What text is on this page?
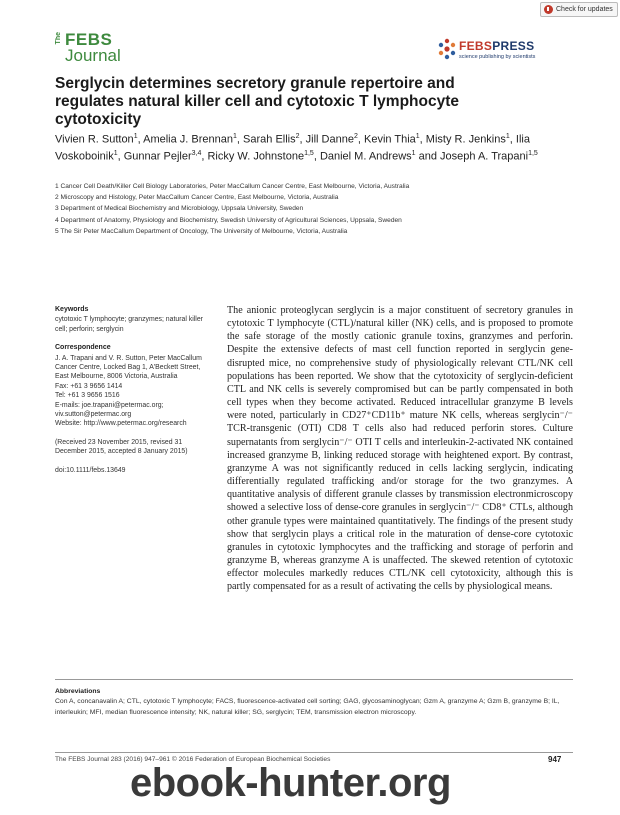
Check for updates
The FEBS
Journal	FEBSPRESS
science publishing by scientists
Serglycin determines secretory granule repertoire and regulates natural killer cell and cytotoxic T lymphocyte cytotoxicity
Vivien R. Sutton$^1$, Amelia J. Brennan$^1$, Sarah Ellis$^2$, Jill Danne$^2$, Kevin Thia$^1$, Misty R. Jenkins$^1$, Ilia Voskoboinik$^1$, Gunnar Pejler$^{3,4}$, Ricky W. Johnstone$^{1,5}$, Daniel M. Andrews$^1$ and Joseph A. Trapani$^{1,5}$
1 Cancer Cell Death/Killer Cell Biology Laboratories, Peter MacCallum Cancer Centre, East Melbourne, Victoria, Australia
2 Microscopy and Histology, Peter MacCallum Cancer Centre, East Melbourne, Victoria, Australia
3 Department of Medical Biochemistry and Microbiology, Uppsala University, Sweden
4 Department of Anatomy, Physiology and Biochemistry, Swedish University of Agricultural Sciences, Uppsala, Sweden
5 The Sir Peter MacCallum Department of Oncology, The University of Melbourne, Victoria, Australia
Keywords
cytotoxic T lymphocyte; granzymes; natural killer cell; perforin; serglycin
Correspondence
J. A. Trapani and V. R. Sutton, Peter MacCallum Cancer Centre, Locked Bag 1, A'Beckett Street, East Melbourne, 8006 Victoria, Australia
Fax: +61 3 9656 1414
Tel: +61 3 9656 1516
E-mails: joe.trapani@petermac.org; viv.sutton@petermac.org
Website: http://www.petermac.org/research
(Received 23 November 2015, revised 31 December 2015, accepted 8 January 2015)
doi:10.1111/febs.13649
The anionic proteoglycan serglycin is a major constituent of secretory granules in cytotoxic T lymphocyte (CTL)/natural killer (NK) cells, and is proposed to promote the safe storage of the mostly cationic granule toxins, granzymes and perforin. Despite the extensive defects of mast cell function reported in serglycin gene-disrupted mice, no comprehensive study of physiologically relevant CTL/NK cell populations has been reported. We show that the cytotoxicity of serglycin-deficient CTL and NK cells is severely compromised but can be partly compensated in both cell types when they become activated. Reduced intracellular granzyme B levels were noted, particularly in CD27⁺CD11b⁺ mature NK cells, whereas serglycin⁻/⁻ TCR-transgenic (OTI) CD8 T cells also had reduced perforin stores. Culture supernatants from serglycin⁻/⁻ OTI T cells and interleukin-2-activated NK contained increased granzyme B, linking reduced storage with heightened export. By contrast, granzyme A was not significantly reduced in cells lacking serglycin, indicating differentially regulated trafficking and/or storage for the two granzymes. A quantitative analysis of different granule classes by transmission electronmicroscopy showed a selective loss of dense-core granules in serglycin⁻/⁻ CD8⁺ CTLs, although other granule types were maintained quantitatively. The findings of the present study show that serglycin plays a critical role in the maturation of dense-core cytotoxic granules in cytotoxic lymphocytes and the trafficking and storage of perforin and granzyme B, whereas granzyme A is unaffected. The skewed retention of cytotoxic effector molecules markedly reduces CTL/NK cell cytotoxicity, although this is partly compensated for as a result of activating the cells by physiological means.
Abbreviations
Con A, concanavalin A; CTL, cytotoxic T lymphocyte; FACS, fluorescence-activated cell sorting; GAG, glycosaminoglycan; Gzm A, granzyme A; Gzm B, granzyme B; IL, interleukin; MFI, median fluorescence intensity; NK, natural killer; SG, serglycin; TEM, transmission electron microscopy.
The FEBS Journal 283 (2016) 947–961 © 2016 Federation of European Biochemical Societies	947
ebook-hunter.org
